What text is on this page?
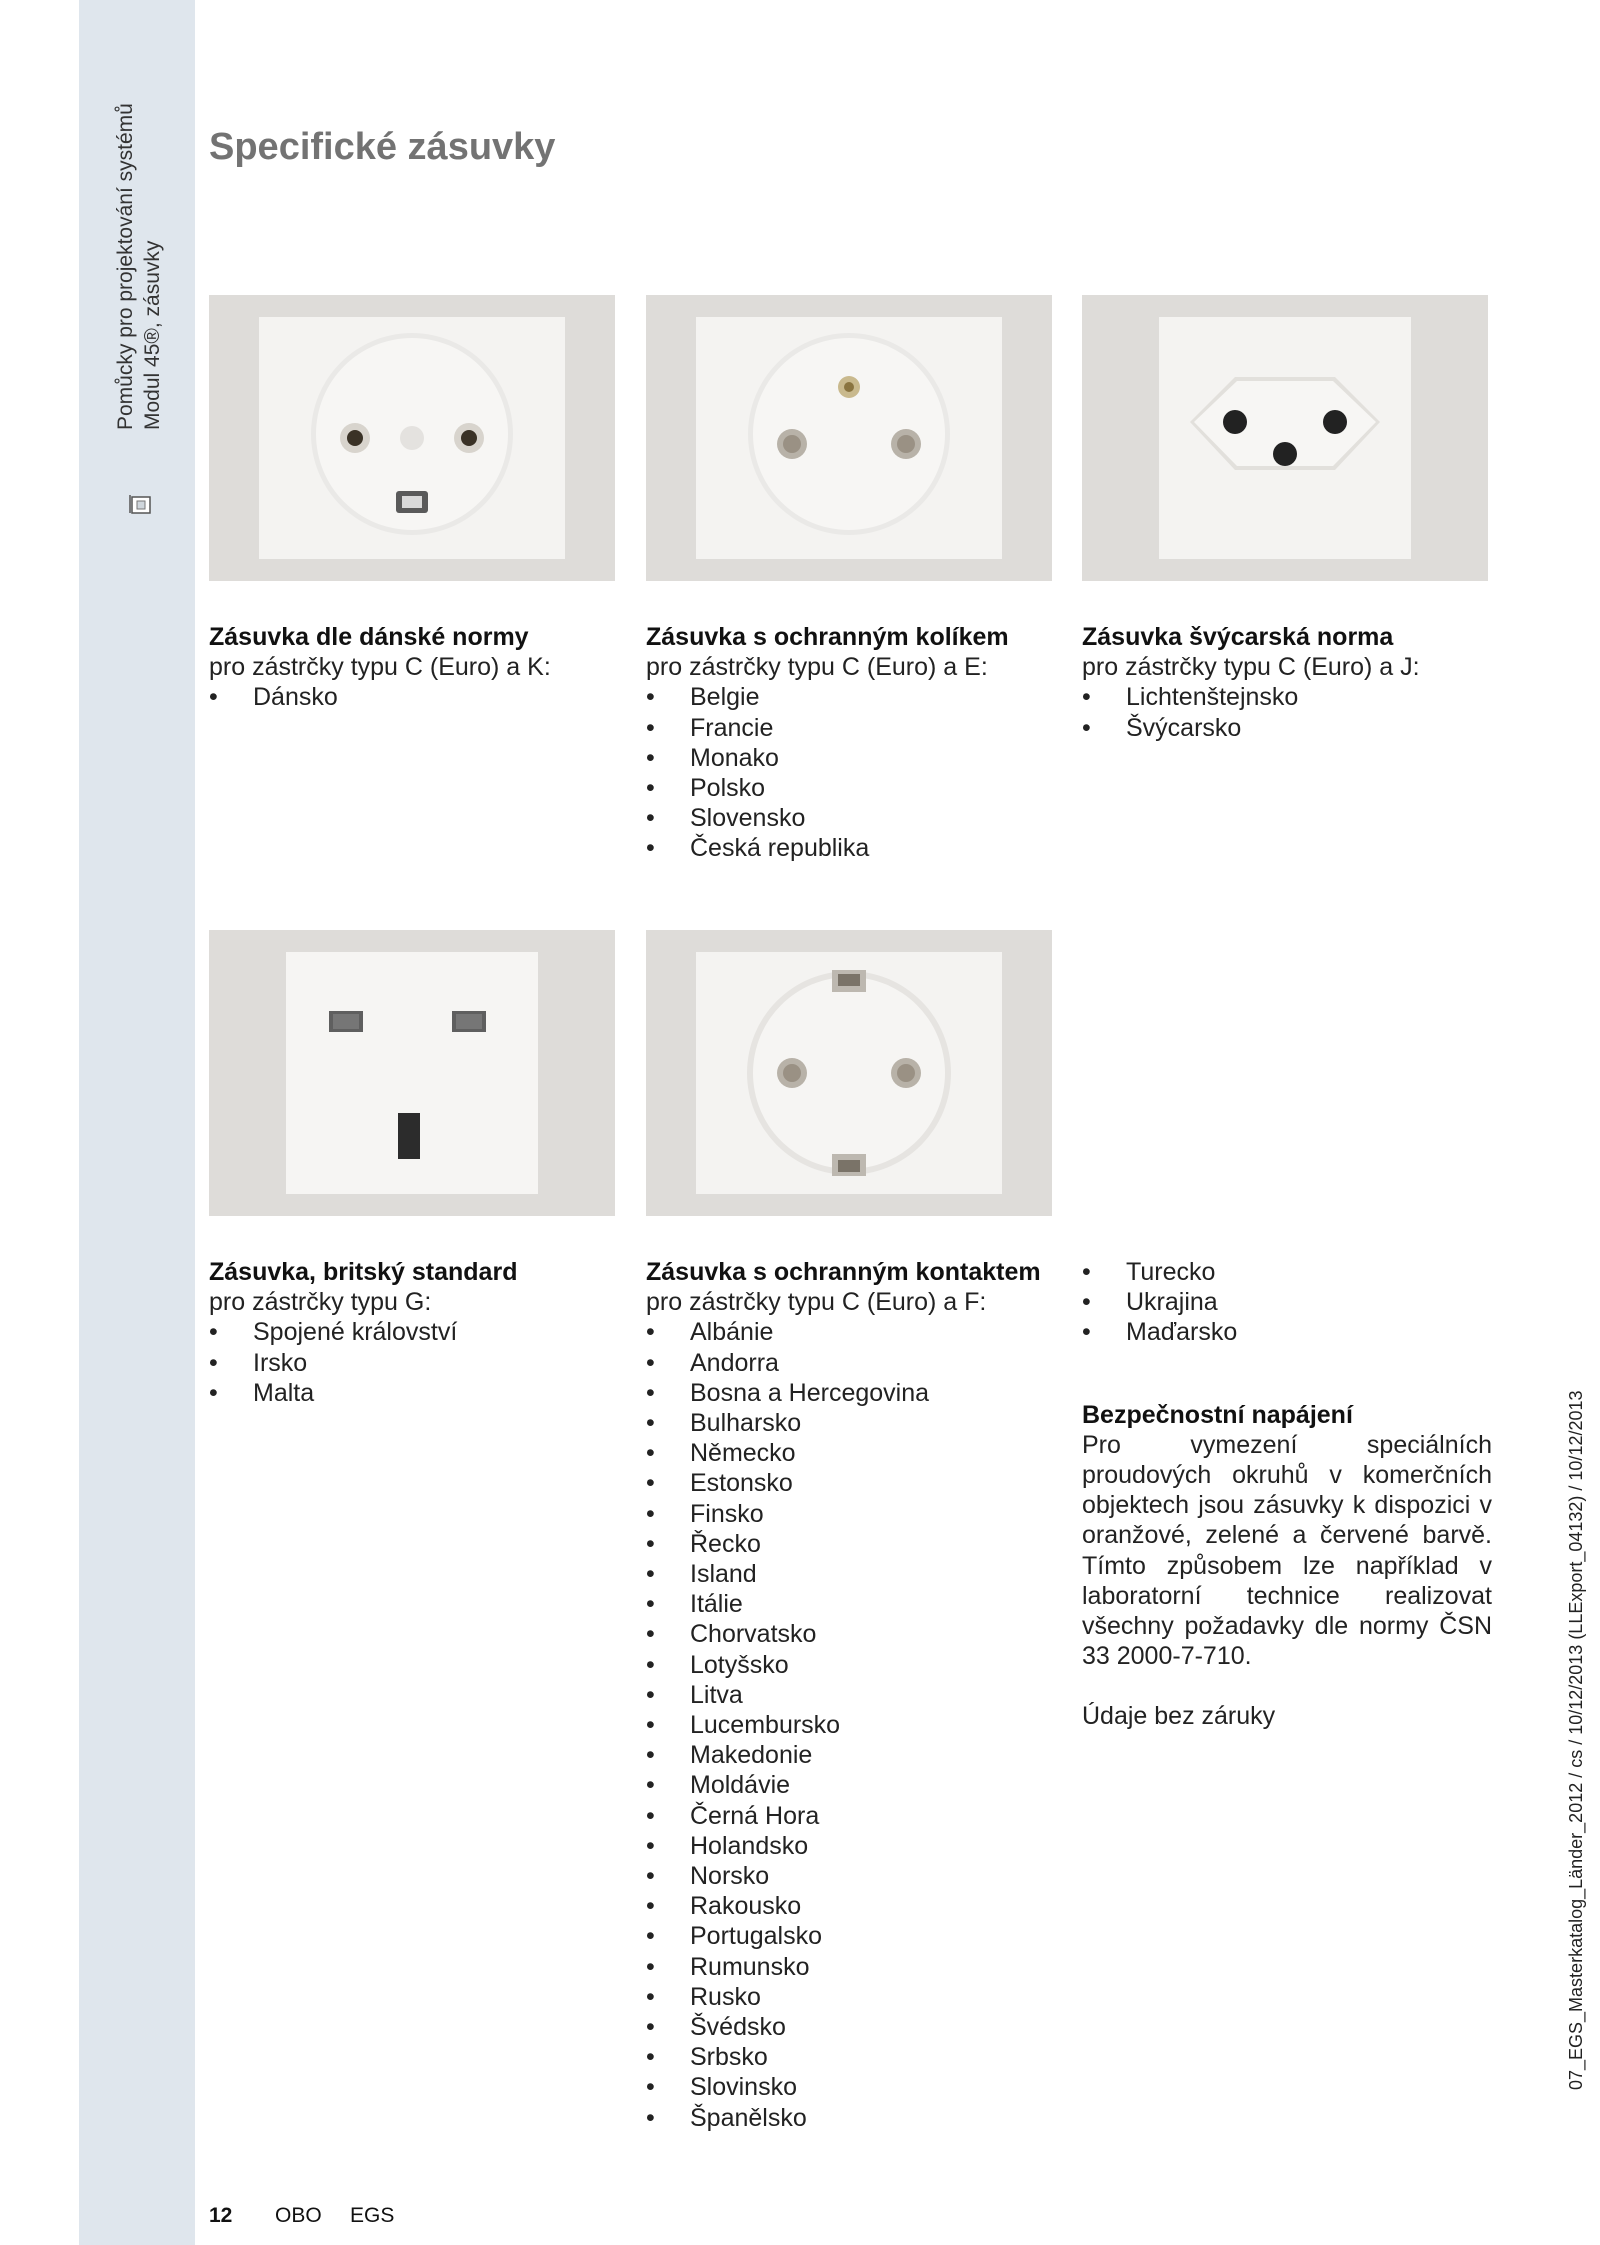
Pomůcky pro projektování systémů Modul 45®, zásuvky
07_EGS_Masterkatalog_Länder_2012 / cs / 10/12/2013 (LLExport_04132) / 10/12/2013
Specifické zásuvky
Zásuvka dle dánské normy
pro zástrčky typu C (Euro) a K:
• Dánsko
Zásuvka s ochranným kolíkem
pro zástrčky typu C (Euro) a E:
• Belgie
• Francie
• Monako
• Polsko
• Slovensko
• Česká republika
Zásuvka švýcarská norma
pro zástrčky typu C (Euro) a J:
• Lichtenštejnsko
• Švýcarsko
Zásuvka, britský standard
pro zástrčky typu G:
• Spojené království
• Irsko
• Malta
Zásuvka s ochranným kontaktem
pro zástrčky typu C (Euro) a F:
• Albánie
• Andorra
• Bosna a Hercegovina
• Bulharsko
• Německo
• Estonsko
• Finsko
• Řecko
• Island
• Itálie
• Chorvatsko
• Lotyšsko
• Litva
• Lucembursko
• Makedonie
• Moldávie
• Černá Hora
• Holandsko
• Norsko
• Rakousko
• Portugalsko
• Rumunsko
• Rusko
• Švédsko
• Srbsko
• Slovinsko
• Španělsko
• Turecko
• Ukrajina
• Maďarsko
Bezpečnostní napájení

Pro vymezení speciálních proudových okruhů v komerčních objektech jsou zásuvky k dispozici v oranžové, zelené a červené barvě. Tímto způsobem lze například v laboratorní technice realizovat všechny požadavky dle normy ČSN 33 2000-7-710.

Údaje bez záruky

12 OBO EGS
